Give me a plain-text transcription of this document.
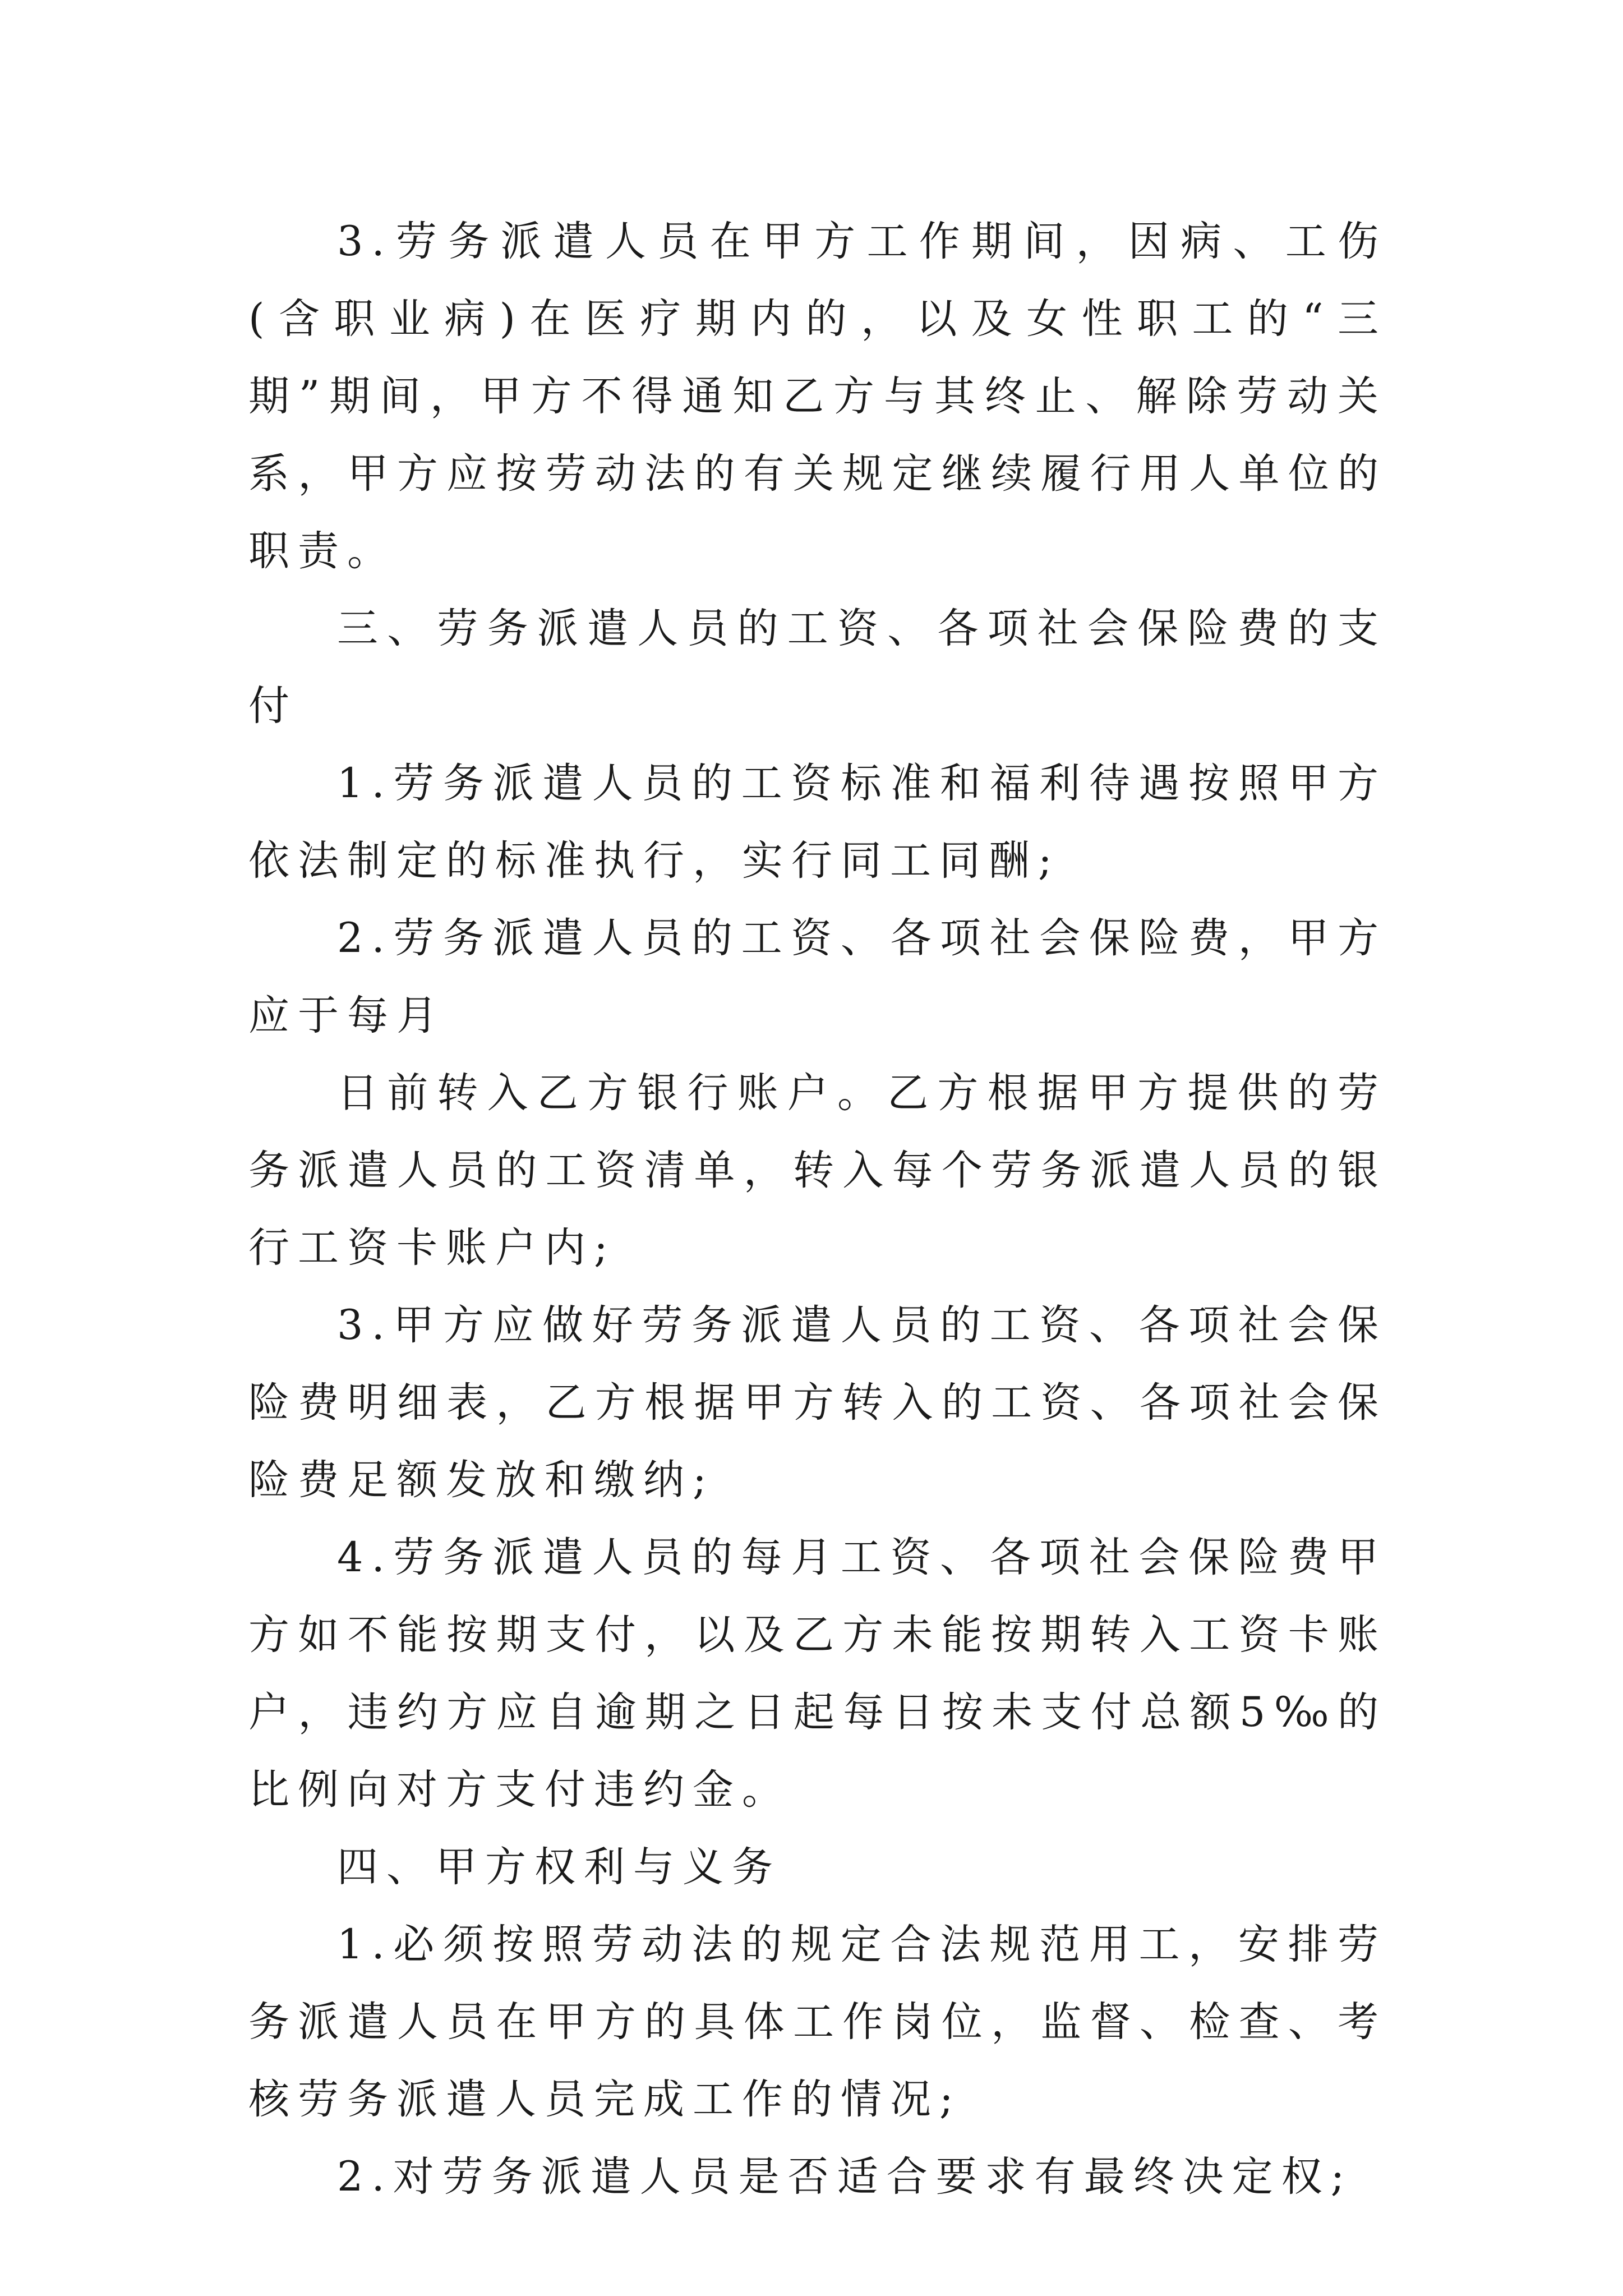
3.劳务派遣人员在甲方工作期间，因病、工伤(含职业病)在医疗期内的，以及女性职工的“三期”期间，甲方不得通知乙方与其终止、解除劳动关系，甲方应按劳动法的有关规定继续履行用人单位的职责。

三、劳务派遣人员的工资、各项社会保险费的支付

1.劳务派遣人员的工资标准和福利待遇按照甲方依法制定的标准执行，实行同工同酬;

2.劳务派遣人员的工资、各项社会保险费，甲方应于每月

日前转入乙方银行账户。乙方根据甲方提供的劳务派遣人员的工资清单，转入每个劳务派遣人员的银行工资卡账户内;

3.甲方应做好劳务派遣人员的工资、各项社会保险费明细表，乙方根据甲方转入的工资、各项社会保险费足额发放和缴纳;

4.劳务派遣人员的每月工资、各项社会保险费甲方如不能按期支付，以及乙方未能按期转入工资卡账户，违约方应自逾期之日起每日按未支付总额5‰的比例向对方支付违约金。

四、甲方权利与义务

1.必须按照劳动法的规定合法规范用工，安排劳务派遣人员在甲方的具体工作岗位，监督、检查、考核劳务派遣人员完成工作的情况;

2.对劳务派遣人员是否适合要求有最终决定权;
